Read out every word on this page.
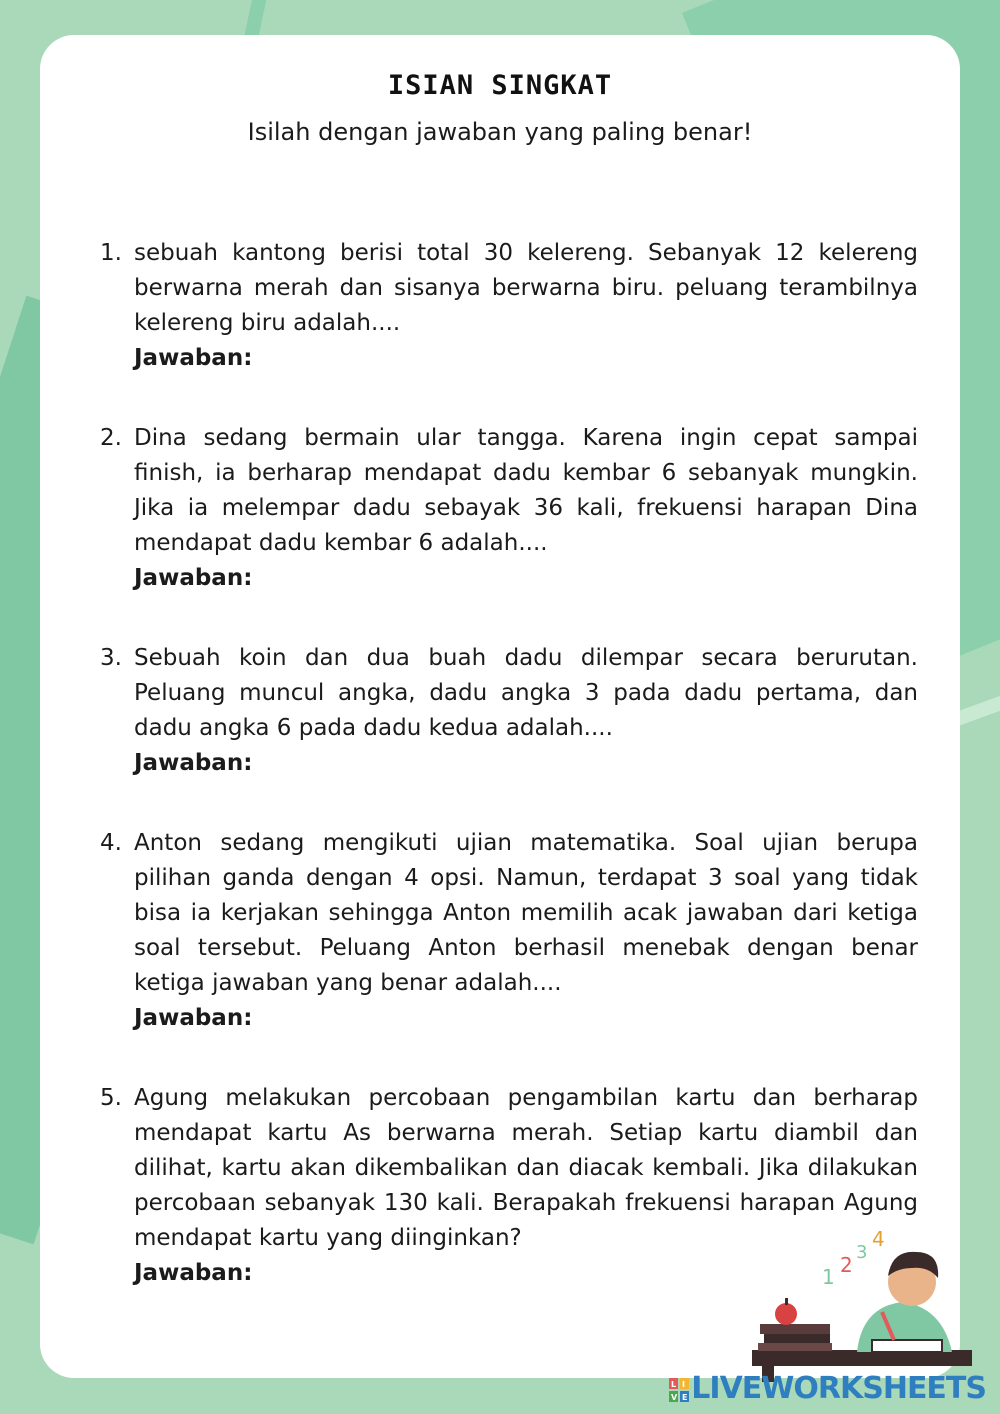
ISIAN SINGKAT
Isilah dengan jawaban yang paling benar!
1. sebuah kantong berisi total 30 kelereng. Sebanyak 12 kelereng berwarna merah dan sisanya berwarna biru. peluang terambilnya kelereng biru adalah....

Jawaban:

2. Dina sedang bermain ular tangga. Karena ingin cepat sampai finish, ia berharap mendapat dadu kembar 6 sebanyak mungkin. Jika ia melempar dadu sebayak 36 kali, frekuensi harapan Dina mendapat dadu kembar 6 adalah....

Jawaban:

3. Sebuah koin dan dua buah dadu dilempar secara berurutan. Peluang muncul angka, dadu angka 3 pada dadu pertama, dan dadu angka 6 pada dadu kedua adalah....

Jawaban:

4. Anton sedang mengikuti ujian matematika. Soal ujian berupa pilihan ganda dengan 4 opsi. Namun, terdapat 3 soal yang tidak bisa ia kerjakan sehingga Anton memilih acak jawaban dari ketiga soal tersebut. Peluang Anton berhasil menebak dengan benar ketiga jawaban yang benar adalah....

Jawaban:

5. Agung melakukan percobaan pengambilan kartu dan berharap mendapat kartu As berwarna merah. Setiap kartu diambil dan dilihat, kartu akan dikembalikan dan diacak kembali. Jika dilakukan percobaan sebanyak 130 kali. Berapakah frekuensi harapan Agung mendapat kartu yang diinginkan?

Jawaban:	1 2
3
4
L I
V E LIVEWORKSHEETS
